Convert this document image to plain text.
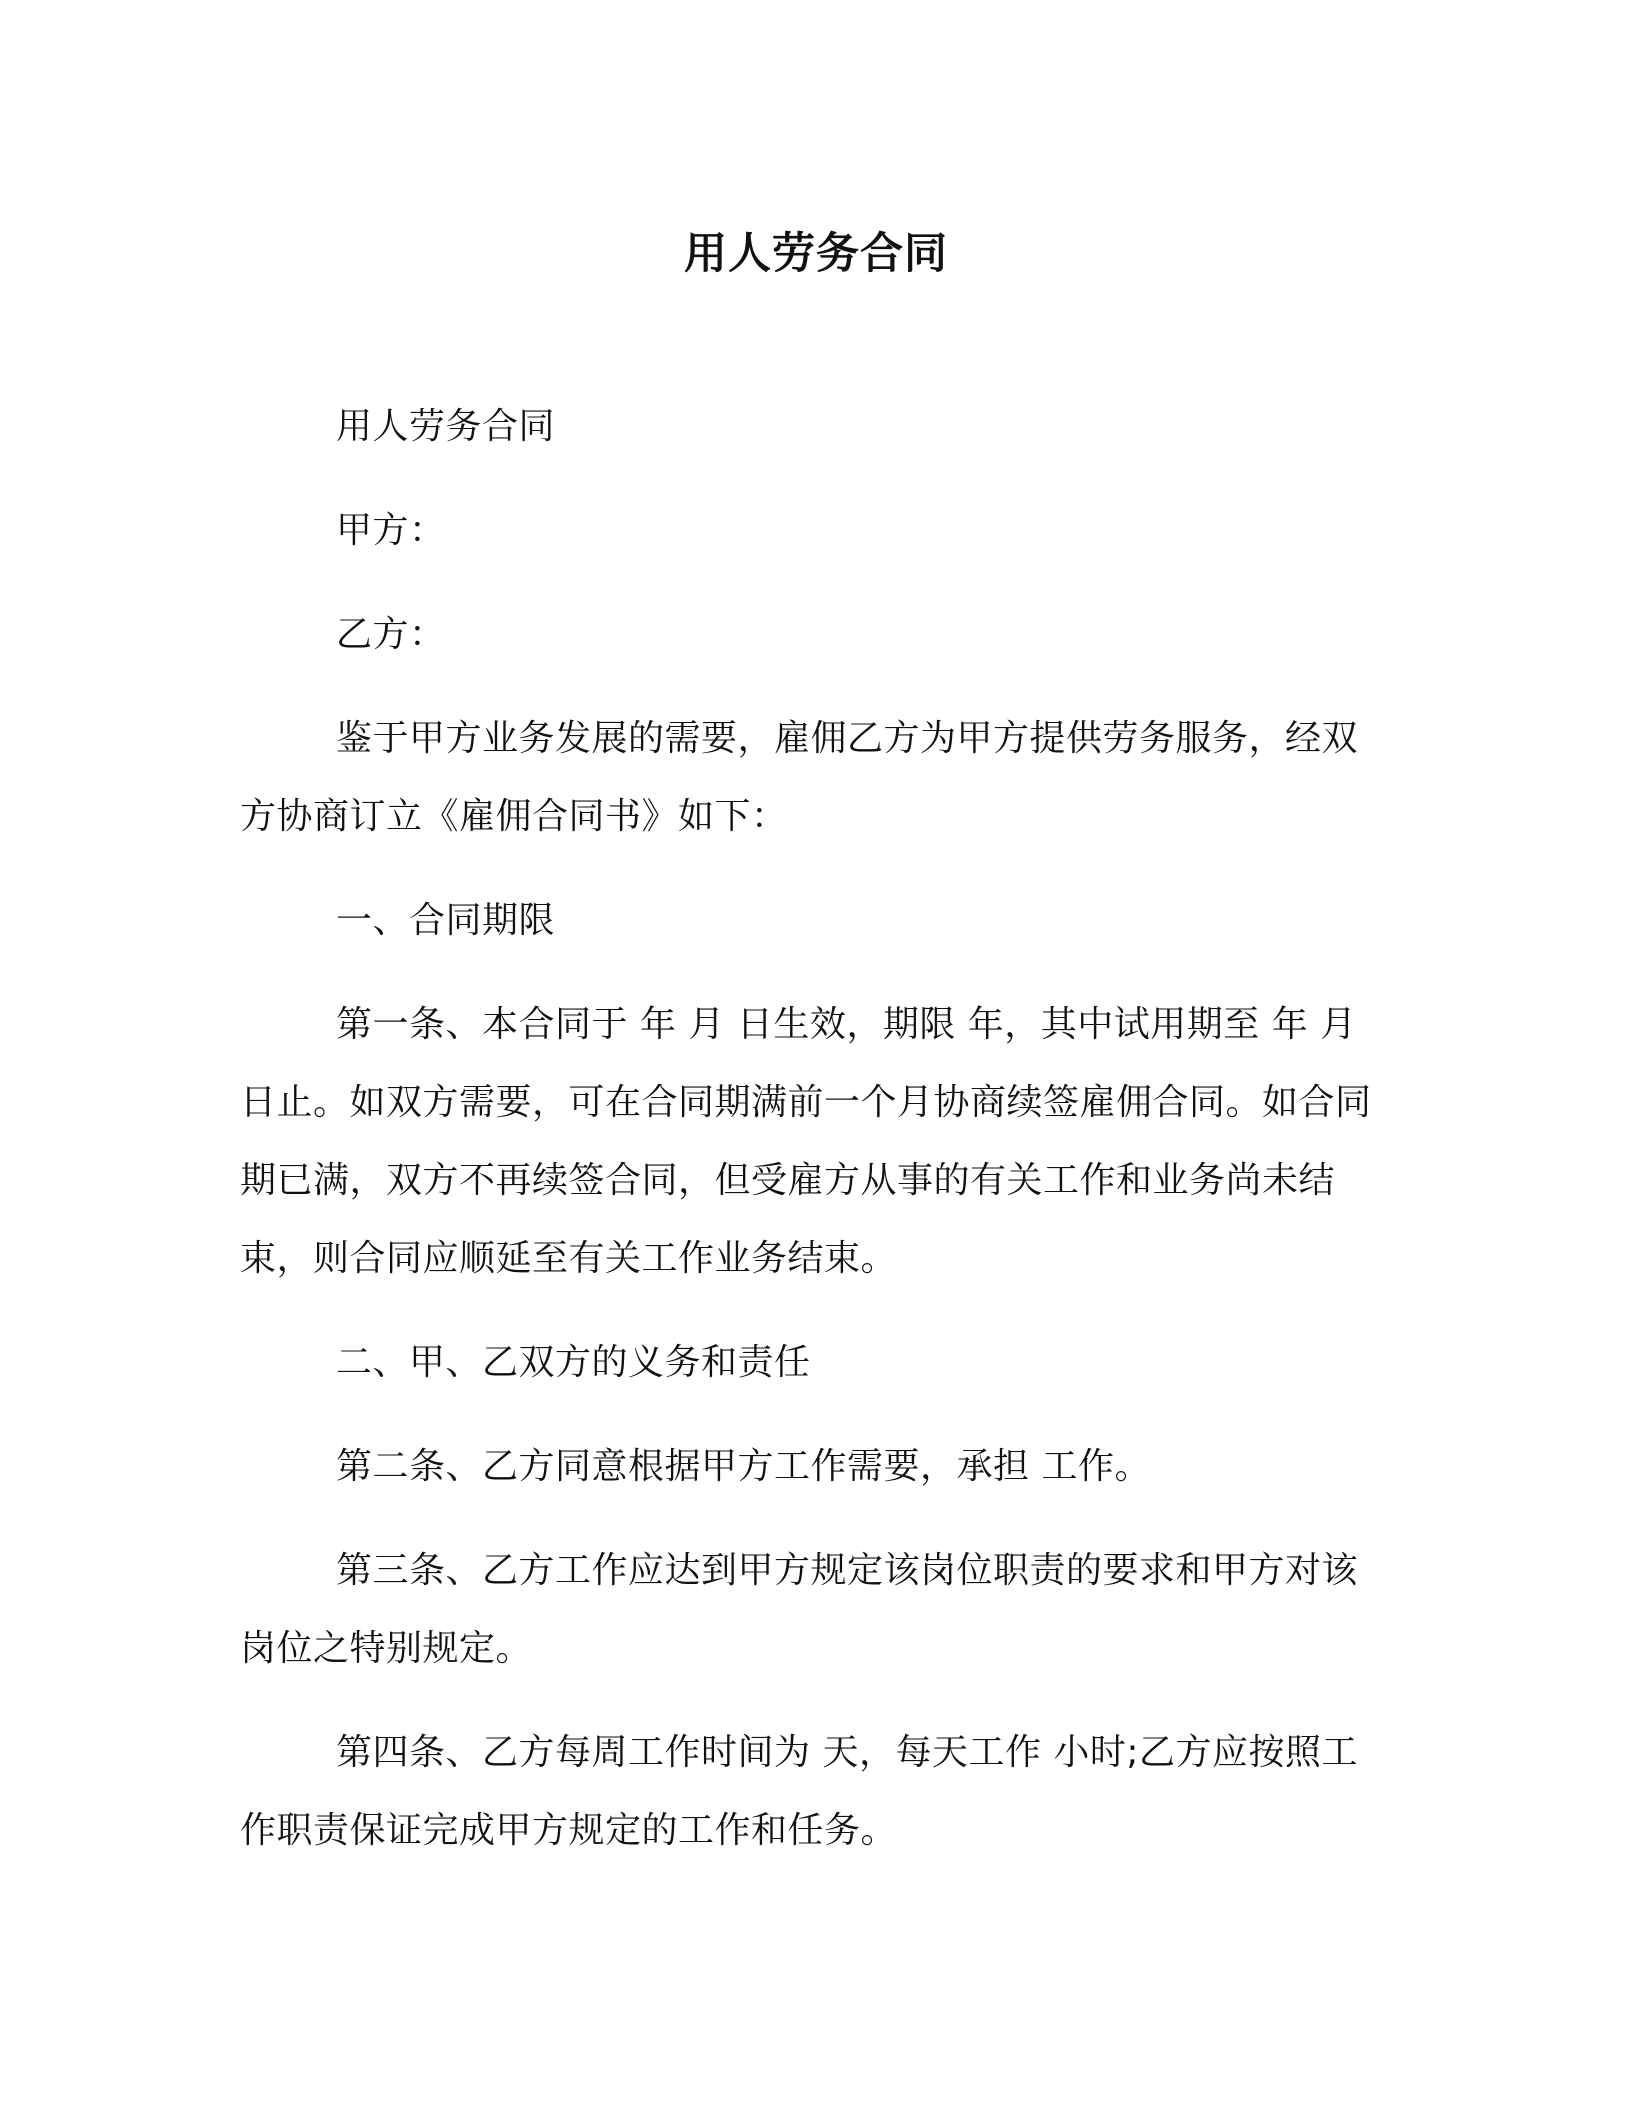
用人劳务合同

用人劳务合同

甲方：

乙方：

鉴于甲方业务发展的需要，雇佣乙方为甲方提供劳务服务，经双方协商订立《雇佣合同书》如下：

一、合同期限

第一条、本合同于 年 月 日生效，期限 年，其中试用期至 年 月 日止。如双方需要，可在合同期满前一个月协商续签雇佣合同。如合同期已满，双方不再续签合同，但受雇方从事的有关工作和业务尚未结束，则合同应顺延至有关工作业务结束。

二、甲、乙双方的义务和责任

第二条、乙方同意根据甲方工作需要，承担 工作。

第三条、乙方工作应达到甲方规定该岗位职责的要求和甲方对该岗位之特别规定。

第四条、乙方每周工作时间为 天，每天工作 小时;乙方应按照工作职责保证完成甲方规定的工作和任务。
